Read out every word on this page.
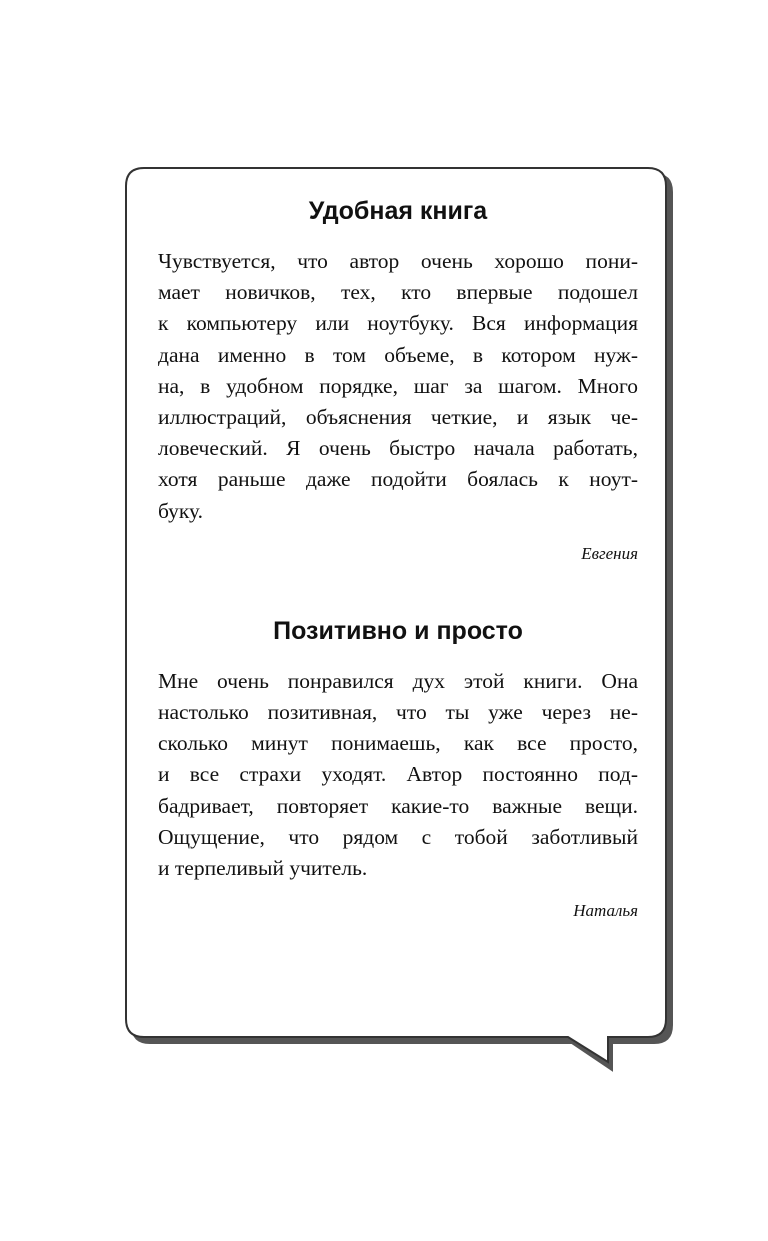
Удобная книга

Чувствуется, что автор очень хорошо пони-
мает новичков, тех, кто впервые подошел
к компьютеру или ноутбуку. Вся информация
дана именно в том объеме, в котором нуж-
на, в удобном порядке, шаг за шагом. Много
иллюстраций, объяснения четкие, и язык че-
ловеческий. Я очень быстро начала работать,
хотя раньше даже подойти боялась к ноут-
буку.

Евгения

Позитивно и просто

Мне очень понравился дух этой книги. Она
настолько позитивная, что ты уже через не-
сколько минут понимаешь, как все просто,
и все страхи уходят. Автор постоянно под-
бадривает, повторяет какие-то важные вещи.
Ощущение, что рядом с тобой заботливый
и терпеливый учитель.

Наталья
